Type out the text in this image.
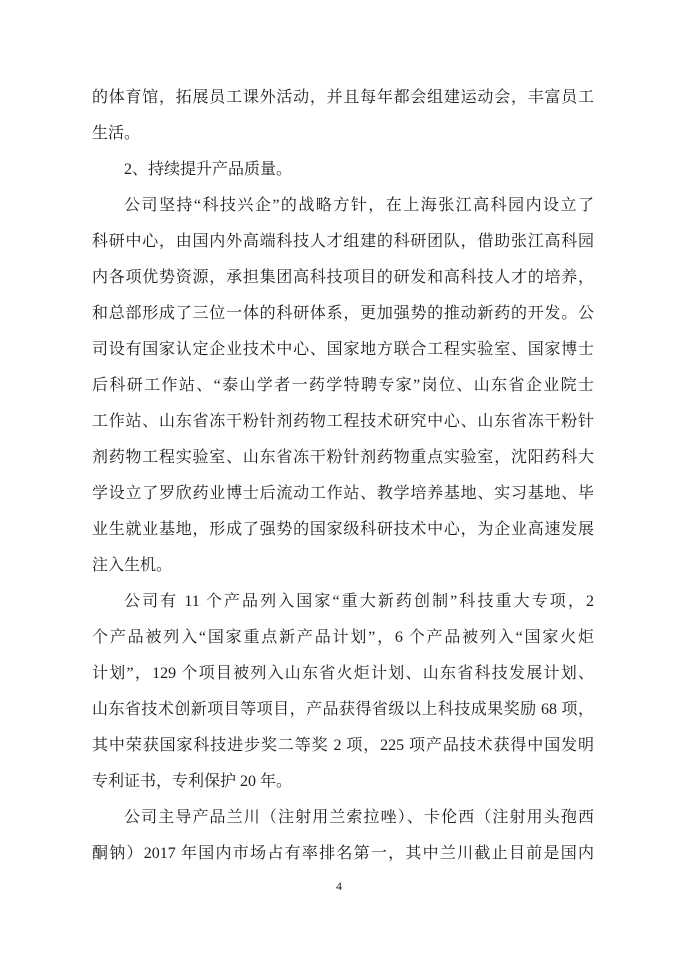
的体育馆，拓展员工课外活动，并且每年都会组建运动会，丰富员工
生活。
2、持续提升产品质量。
公司坚持“科技兴企”的战略方针，在上海张江高科园内设立了
科研中心，由国内外高端科技人才组建的科研团队，借助张江高科园
内各项优势资源，承担集团高科技项目的研发和高科技人才的培养，
和总部形成了三位一体的科研体系，更加强势的推动新药的开发。公
司设有国家认定企业技术中心、国家地方联合工程实验室、国家博士
后科研工作站、“泰山学者一药学特聘专家”岗位、山东省企业院士
工作站、山东省冻干粉针剂药物工程技术研究中心、山东省冻干粉针
剂药物工程实验室、山东省冻干粉针剂药物重点实验室，沈阳药科大
学设立了罗欣药业博士后流动工作站、教学培养基地、实习基地、毕
业生就业基地，形成了强势的国家级科研技术中心，为企业高速发展
注入生机。
公司有 11 个产品列入国家“重大新药创制”科技重大专项，2
个产品被列入“国家重点新产品计划”，6 个产品被列入“国家火炬
计划”，129 个项目被列入山东省火炬计划、山东省科技发展计划、
山东省技术创新项目等项目，产品获得省级以上科技成果奖励 68 项，
其中荣获国家科技进步奖二等奖 2 项，225 项产品技术获得中国发明
专利证书，专利保护 20 年。
公司主导产品兰川（注射用兰索拉唑）、卡伦西（注射用头孢西
酮钠）2017 年国内市场占有率排名第一，其中兰川截止目前是国内
4
